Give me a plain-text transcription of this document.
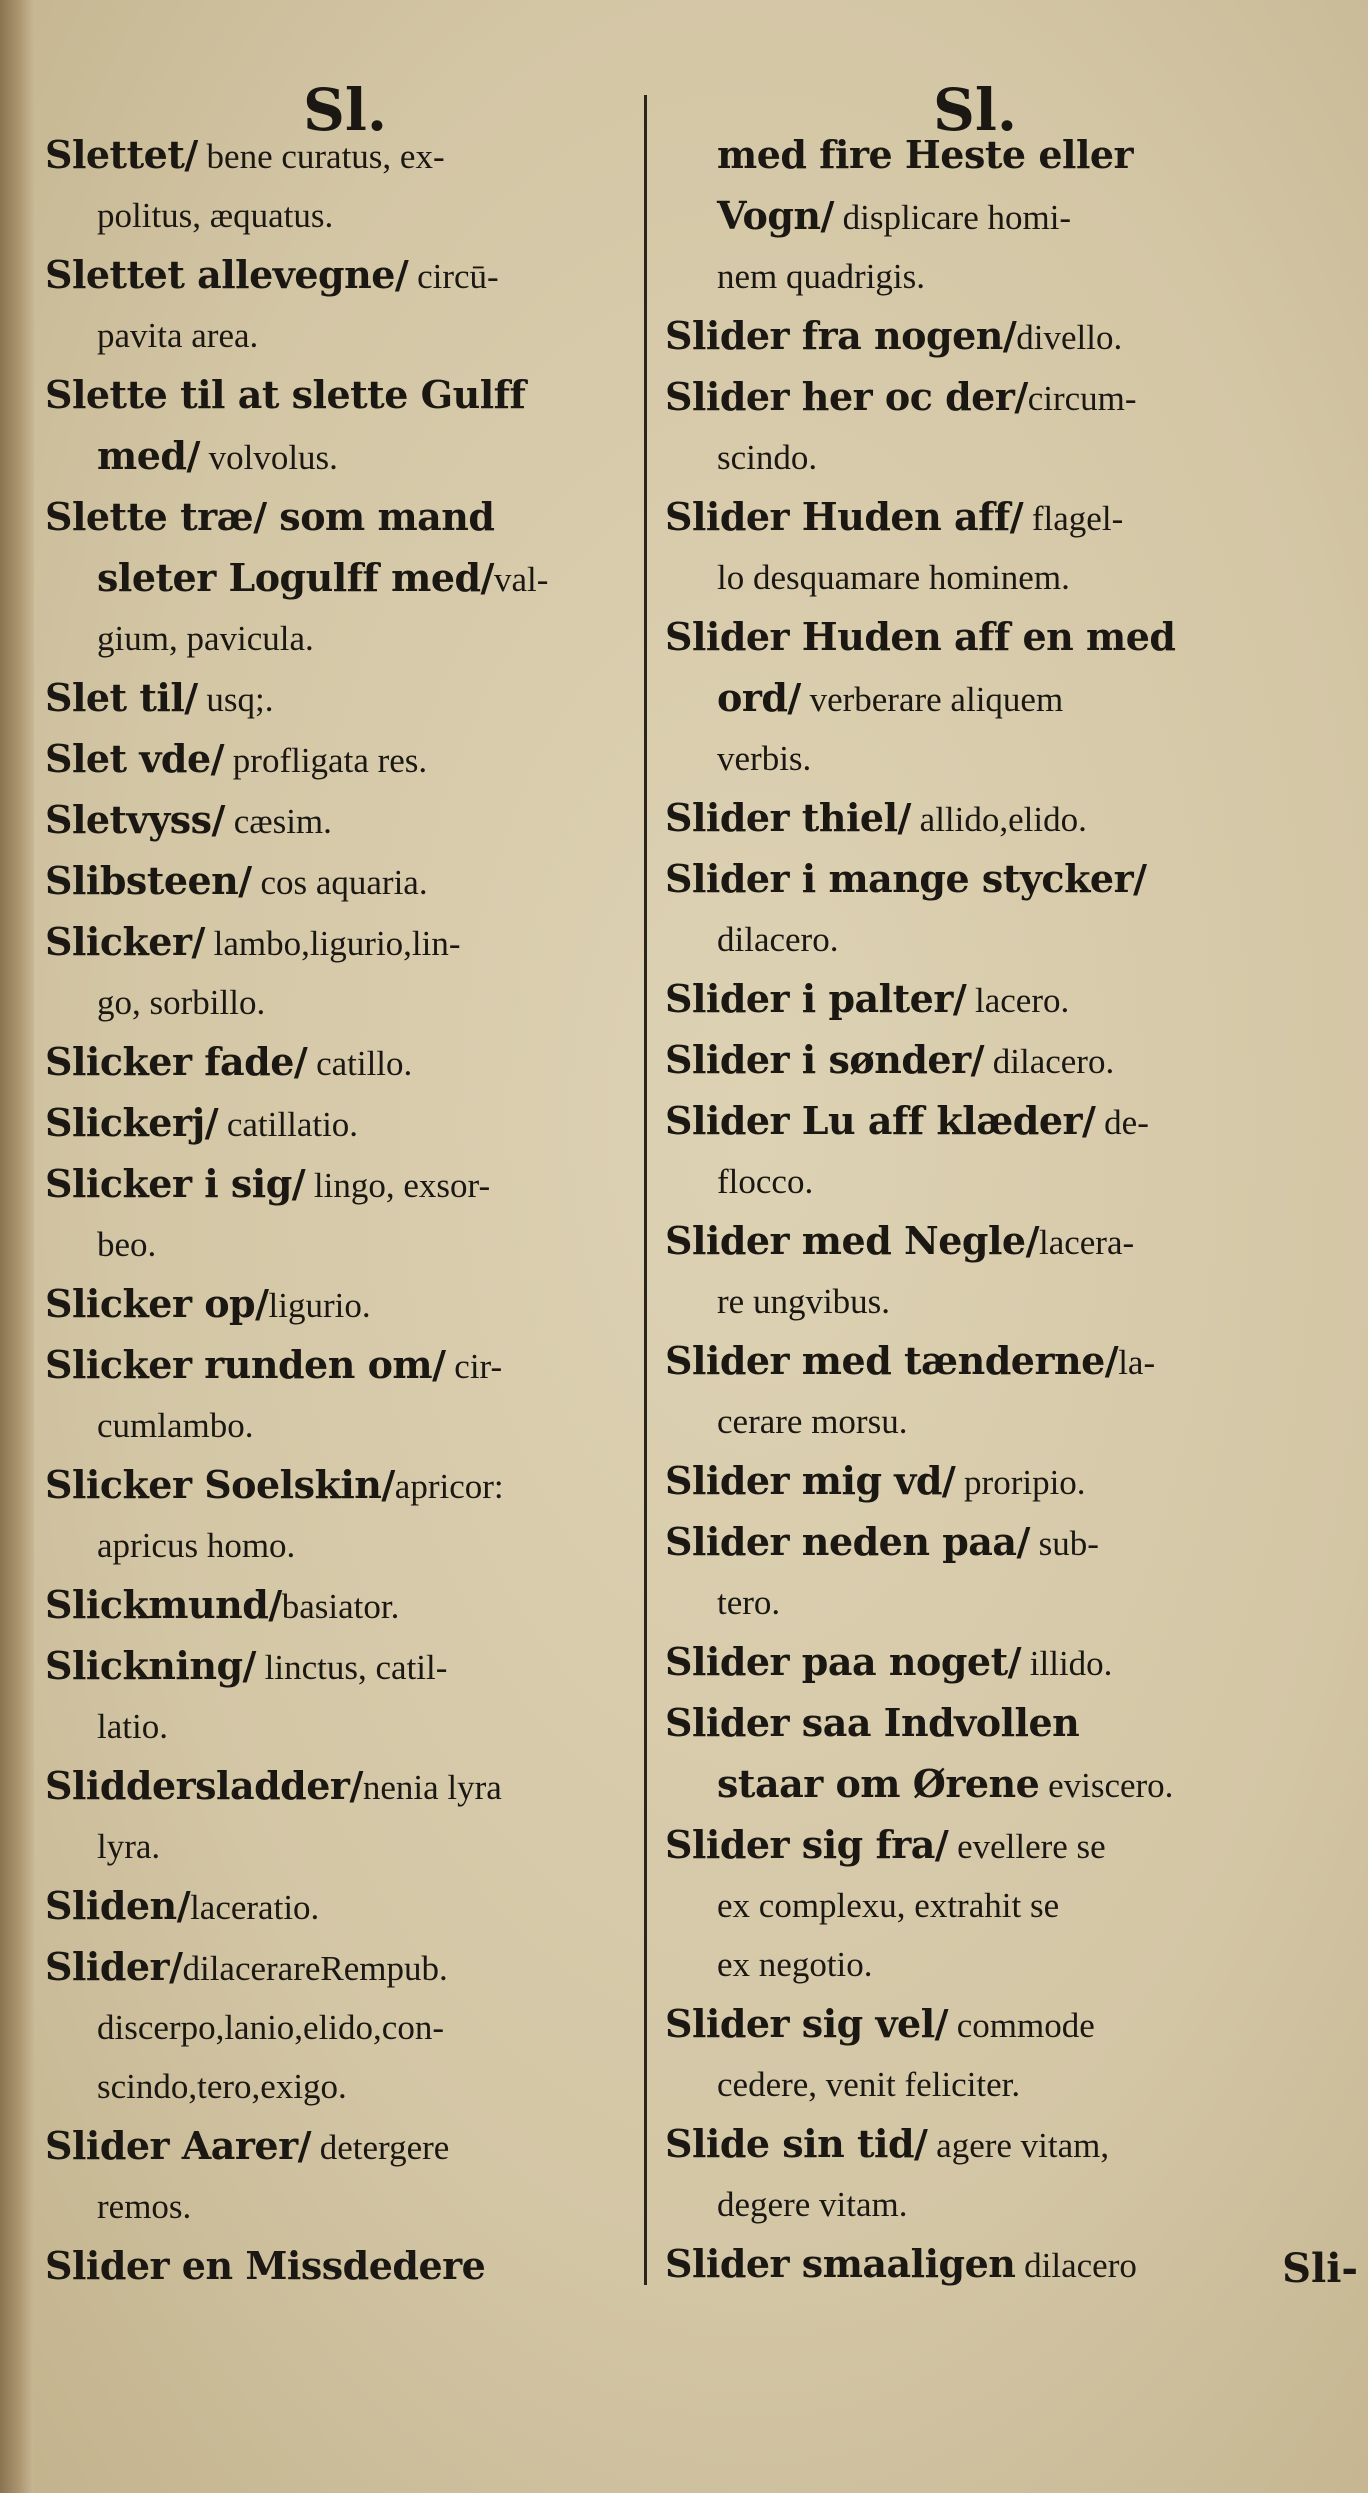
Sl.
Slettet/ bene curatus, ex-
politus, æquatus.
Slettet allevegne/ circū-
pavita area.
Slette til at slette Gulff
med/ volvolus.
Slette træ/ som mand
sleter Logulff med/val-
gium, pavicula.
Slet til/ usq;.
Slet vde/ profligata res.
Sletvyss/ cæsim.
Slibsteen/ cos aquaria.
Slicker/ lambo,ligurio,lin-
go, sorbillo.
Slicker fade/ catillo.
Slickerj/ catillatio.
Slicker i sig/ lingo, exsor-
beo.
Slicker op/ligurio.
Slicker runden om/ cir-
cumlambo.
Slicker Soelskin/apricor:
apricus homo.
Slickmund/basiator.
Slickning/ linctus, catil-
latio.
Sliddersladder/nenia lyra
lyra.
Sliden/laceratio.
Slider/dilacerareRempub.
discerpo,lanio,elido,con-
scindo,tero,exigo.
Slider Aarer/ detergere
remos.
Slider en Missdedere
Sl.
med fire Heste eller
Vogn/ displicare homi-
nem quadrigis.
Slider fra nogen/divello.
Slider her oc der/circum-
scindo.
Slider Huden aff/ flagel-
lo desquamare hominem.
Slider Huden aff en med
ord/ verberare aliquem
verbis.
Slider thiel/ allido,elido.
Slider i mange stycker/
dilacero.
Slider i palter/ lacero.
Slider i sønder/ dilacero.
Slider Lu aff klæder/ de-
flocco.
Slider med Negle/lacera-
re ungvibus.
Slider med tænderne/la-
cerare morsu.
Slider mig vd/ proripio.
Slider neden paa/ sub-
tero.
Slider paa noget/ illido.
Slider saa Indvollen
staar om Ørene eviscero.
Slider sig fra/ evellere se
ex complexu, extrahit se
ex negotio.
Slider sig vel/ commode
cedere, venit feliciter.
Slide sin tid/ agere vitam,
degere vitam.
Slider smaaligen dilacero	Sli-
